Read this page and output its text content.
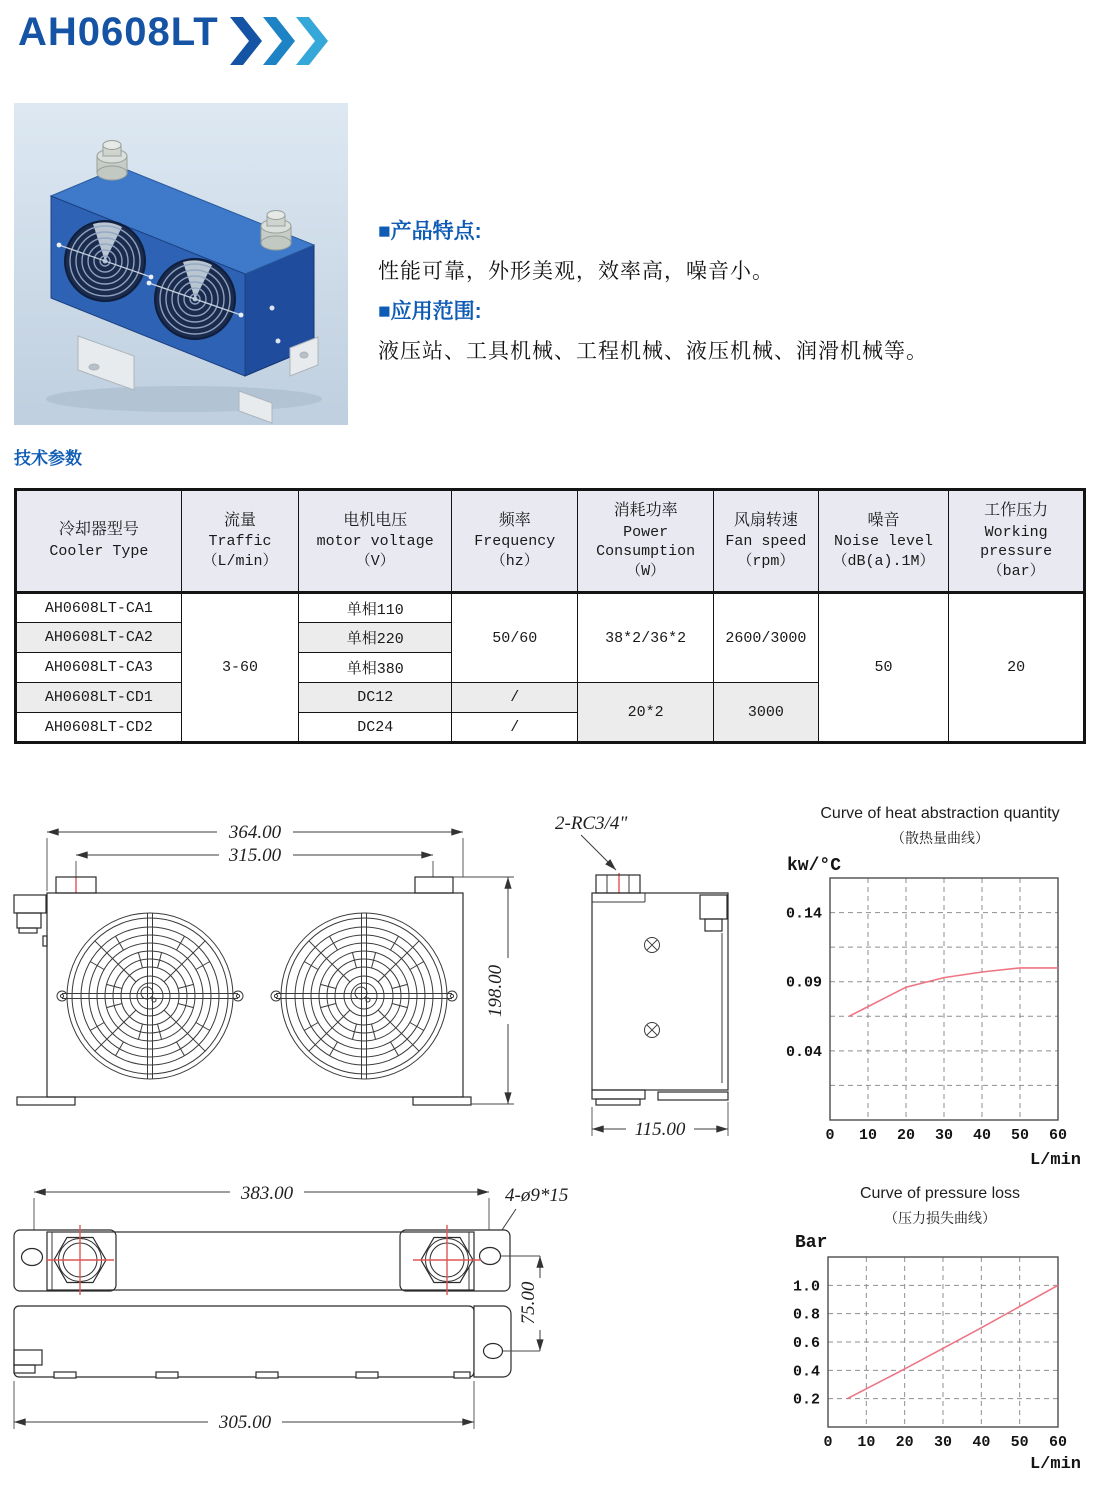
AH0608LT
■产品特点:
性能可靠，外形美观，效率高，噪音小。
■应用范围:
液压站、工具机械、工程机械、液压机械、润滑机械等。
技术参数
冷却器型号
Cooler Type

流量
Traffic
（L/min）

电机电压
motor voltage
（V）

频率
Frequency
（hz）

消耗功率
Power
Consumption
（W）

风扇转速
Fan speed
（rpm）

噪音
Noise level
（dB(a).1M）

工作压力
Working
pressure
（bar）

AH0608LT-CA1	3-60	单相110	50/60	38*2/36*2	2600/3000	50	20
AH0608LT-CA2		单相220					
AH0608LT-CA3		单相380					
AH0608LT-CD1		DC12	/	20*2	3000		
AH0608LT-CD2		DC24	/				
364.00
315.00
198.00
2-RC3/4"
115.00
383.00	4-ø9*15
75.00
305.00
Curve of heat abstraction quantity
（散热量曲线）
kw/°C
0 10 20 30 40 50 60
0.14
0.09
0.04
L/min
Curve of pressure loss
（压力损失曲线）
Bar
0 10 20 30 40 50 60
1.0
0.8
0.6
0.4
0.2
L/min
